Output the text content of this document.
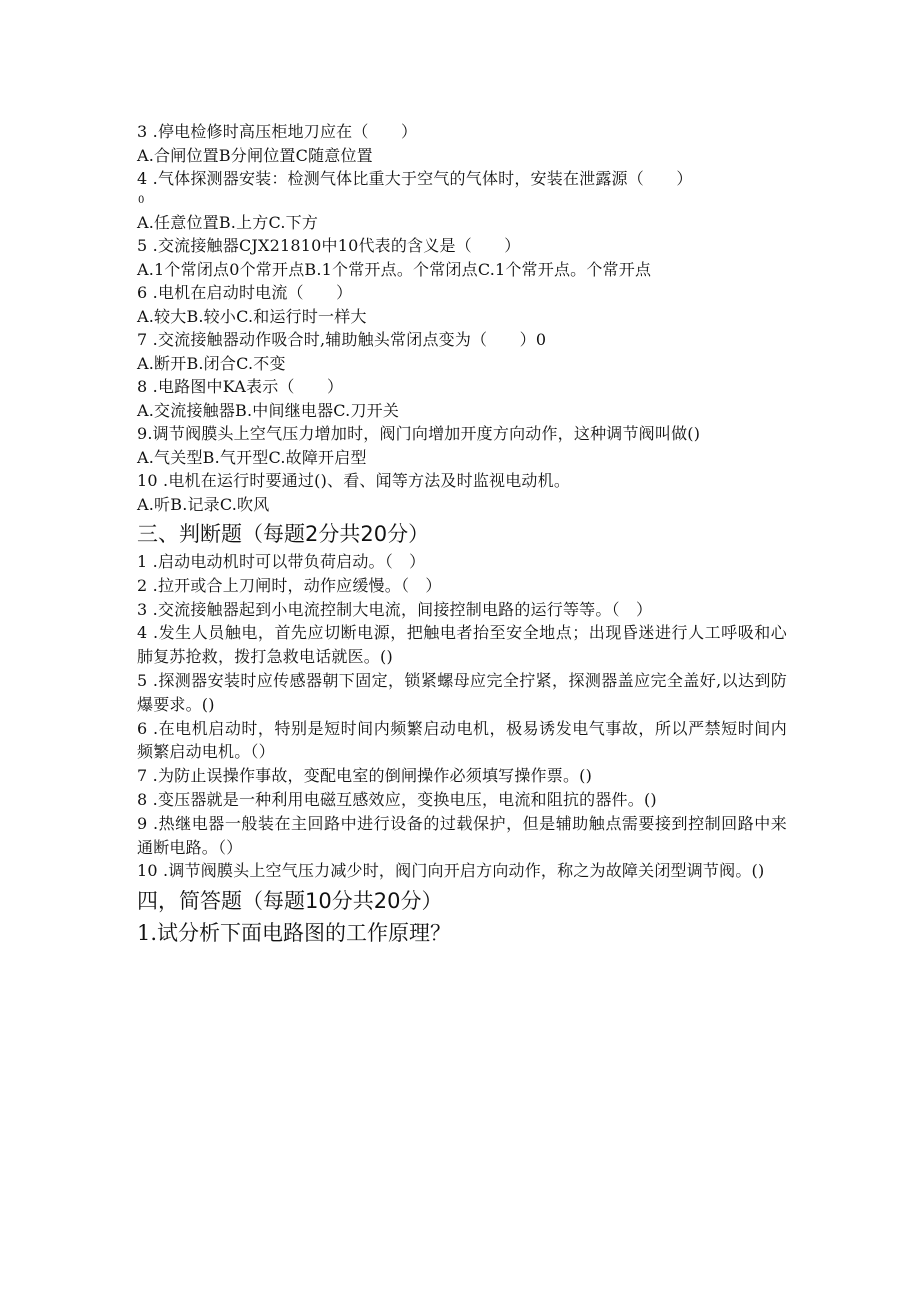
3 .停电检修时高压柜地刀应在（　　）
A.合闸位置B分闸位置C随意位置
4 .气体探测器安装：检测气体比重大于空气的气体时，安装在泄露源（　　）
0
A.任意位置B.上方C.下方
5 .交流接触器CJX21810中10代表的含义是（　　）
A.1个常闭点0个常开点B.1个常开点。个常闭点C.1个常开点。个常开点
6 .电机在启动时电流（　　）
A.较大B.较小C.和运行时一样大
7 .交流接触器动作吸合时,辅助触头常闭点变为（　　）0
A.断开B.闭合C.不变
8 .电路图中KA表示（　　）
A.交流接触器B.中间继电器C.刀开关
9.调节阀膜头上空气压力增加时，阀门向增加开度方向动作，这种调节阀叫做()
A.气关型B.气开型C.故障开启型
10 .电机在运行时要通过()、看、闻等方法及时监视电动机。
A.听B.记录C.吹风
三、判断题（每题2分共20分）
1 .启动电动机时可以带负荷启动。（　）
2 .拉开或合上刀闸时，动作应缓慢。（　）
3 .交流接触器起到小电流控制大电流，间接控制电路的运行等等。（　）
4 .发生人员触电，首先应切断电源，把触电者抬至安全地点；出现昏迷进行人工呼吸和心肺复苏抢救，拨打急救电话就医。()
5 .探测器安装时应传感器朝下固定，锁紧螺母应完全拧紧，探测器盖应完全盖好,以达到防爆要求。()
6 .在电机启动时，特别是短时间内频繁启动电机，极易诱发电气事故，所以严禁短时间内频繁启动电机。（）
7 .为防止误操作事故，变配电室的倒闸操作必须填写操作票。()
8 .变压器就是一种利用电磁互感效应，变换电压，电流和阻抗的器件。()
9 .热继电器一般装在主回路中进行设备的过载保护，但是辅助触点需要接到控制回路中来通断电路。（）
10 .调节阀膜头上空气压力减少时，阀门向开启方向动作，称之为故障关闭型调节阀。()
四，简答题（每题10分共20分）
1.试分析下面电路图的工作原理？
